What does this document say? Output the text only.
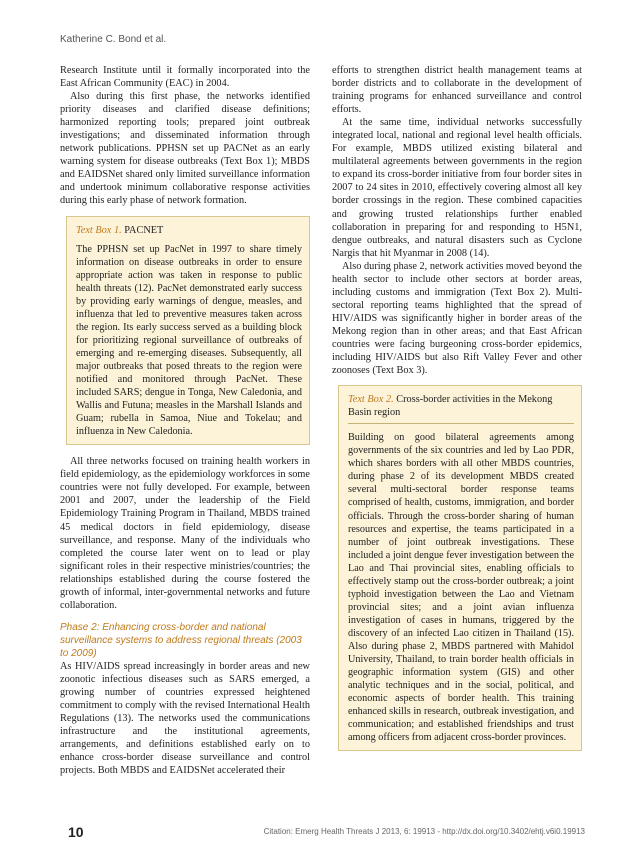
Katherine C. Bond et al.

Research Institute until it formally incorporated into the East African Community (EAC) in 2004.

Also during this first phase, the networks identified priority diseases and clarified disease definitions; harmonized reporting tools; prepared joint outbreak investigations; and disseminated information through network publications. PPHSN set up PACNet as an early warning system for disease outbreaks (Text Box 1); MBDS and EAIDSNet shared only limited surveillance information and undertook minimum collaborative response activities during this early phase of network formation.

Text Box 1. PACNET

The PPHSN set up PacNet in 1997 to share timely information on disease outbreaks in order to ensure appropriate action was taken in response to public health threats (12). PacNet demonstrated early success by providing early warnings of dengue, measles, and influenza that led to preventive measures taken across the region. Its early success served as a building block for prioritizing regional surveillance of outbreaks of emerging and re-emerging diseases. Subsequently, all major outbreaks that posed threats to the region were notified and monitored through PacNet. These included SARS; dengue in Tonga, New Caledonia, and Wallis and Futuna; measles in the Marshall Islands and Guam; rubella in Samoa, Niue and Tokelau; and influenza in New Caledonia.

All three networks focused on training health workers in field epidemiology, as the epidemiology workforces in some countries were not fully developed. For example, between 2001 and 2007, under the leadership of the Field Epidemiology Training Program in Thailand, MBDS trained 45 medical doctors in field epidemiology, disease surveillance, and response. Many of the individuals who completed the course later went on to lead or play significant roles in their respective ministries/countries; the relationships established during the course fostered the growth of informal, inter-governmental networks and future collaboration.

Phase 2: Enhancing cross-border and national surveillance systems to address regional threats (2003 to 2009)

As HIV/AIDS spread increasingly in border areas and new zoonotic infectious diseases such as SARS emerged, a growing number of countries expressed heightened commitment to comply with the revised International Health Regulations (13). The networks used the communications infrastructure and the institutional agreements, arrangements, and definitions established early on to enhance cross-border disease surveillance and control projects. Both MBDS and EAIDSNet accelerated their

efforts to strengthen district health management teams at border districts and to collaborate in the development of training programs for enhanced surveillance and control efforts.

At the same time, individual networks successfully integrated local, national and regional level health officials. For example, MBDS utilized existing bilateral and multilateral agreements between governments in the region to expand its cross-border initiative from four border sites in 2007 to 24 sites in 2010, effectively covering almost all key border crossings in the region. These combined capacities and growing trusted relationships further enabled collaboration in preparing for and responding to H5N1, dengue outbreaks, and natural disasters such as Cyclone Nargis that hit Myanmar in 2008 (14).

Also during phase 2, network activities moved beyond the health sector to include other sectors at border areas, including customs and immigration (Text Box 2). Multi-sectoral reporting teams highlighted that the spread of HIV/AIDS was significantly higher in border areas of the Mekong region than in other areas; and that East African countries were facing burgeoning cross-border epidemics, including HIV/AIDS but also Rift Valley Fever and other zoonoses (Text Box 3).

Text Box 2. Cross-border activities in the Mekong Basin region

Building on good bilateral agreements among governments of the six countries and led by Lao PDR, which shares borders with all other MBDS countries, during phase 2 of its development MBDS created several multi-sectoral border response teams comprised of health, customs, immigration, and border officials. Through the cross-border sharing of human resources and expertise, the teams participated in a number of joint outbreak investigations. These included a joint dengue fever investigation between the Lao and Thai provincial sites, enabling officials to effectively stamp out the cross-border outbreak; a joint typhoid investigation between the Lao and Vietnam provincial sites; and a joint avian influenza investigation of cases in humans, triggered by the discovery of an infected Lao citizen in Thailand (15). Also during phase 2, MBDS partnered with Mahidol University, Thailand, to train border health officials in geographic information system (GIS) and other analytic techniques and in the social, political, and economic aspects of border health. This training enhanced skills in research, outbreak investigation, and communication; and established friendships and trust among officers from adjacent cross-border provinces.

10	Citation: Emerg Health Threats J 2013, 6: 19913 - http://dx.doi.org/10.3402/ehtj.v6i0.19913
